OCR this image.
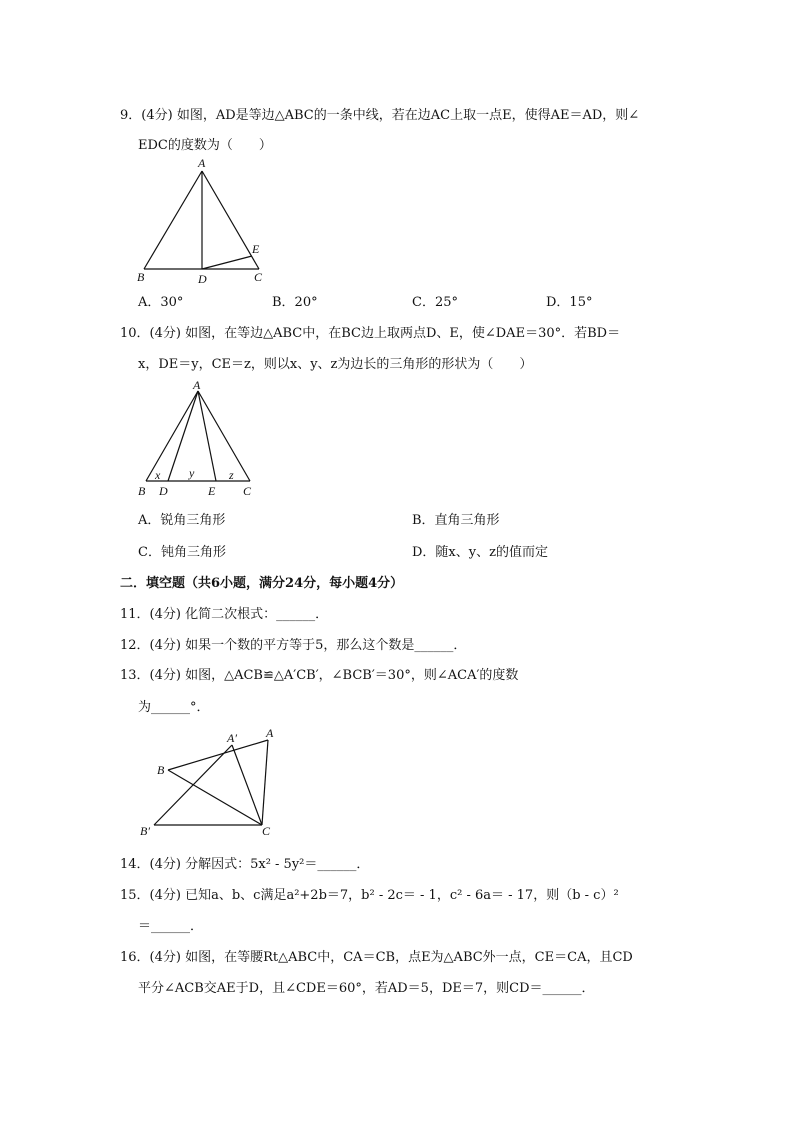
9．(4分) 如图，AD是等边△ABC的一条中线，若在边AC上取一点E，使得AE＝AD，则∠
EDC的度数为（　　）
A
B	C
D
E
A．30°	B．20°	C．25°	D．15°
10．(4分) 如图，在等边△ABC中，在BC边上取两点D、E，使∠DAE＝30°．若BD＝
x，DE＝y，CE＝z，则以x、y、z为边长的三角形的形状为（　　）
A
B D	E C
x y	z
A．锐角三角形	B．直角三角形
C．钝角三角形	D．随x、y、z的值而定
二．填空题（共6小题，满分24分，每小题4分）
11．(4分) 化简二次根式：______．
12．(4分) 如果一个数的平方等于5，那么这个数是______．
13．(4分) 如图，△ACB≌△A′CB′，∠BCB′＝30°，则∠ACA′的度数
为______°．
A
A′
B
B′	C
14．(4分) 分解因式：5x² - 5y²＝______．
15．(4分) 已知a、b、c满足a²+2b＝7，b² - 2c＝ - 1，c² - 6a＝ - 17，则（b - c）²
＝______．
16．(4分) 如图，在等腰Rt△ABC中，CA＝CB，点E为△ABC外一点，CE＝CA，且CD
平分∠ACB交AE于D，且∠CDE＝60°，若AD＝5，DE＝7，则CD＝______．
